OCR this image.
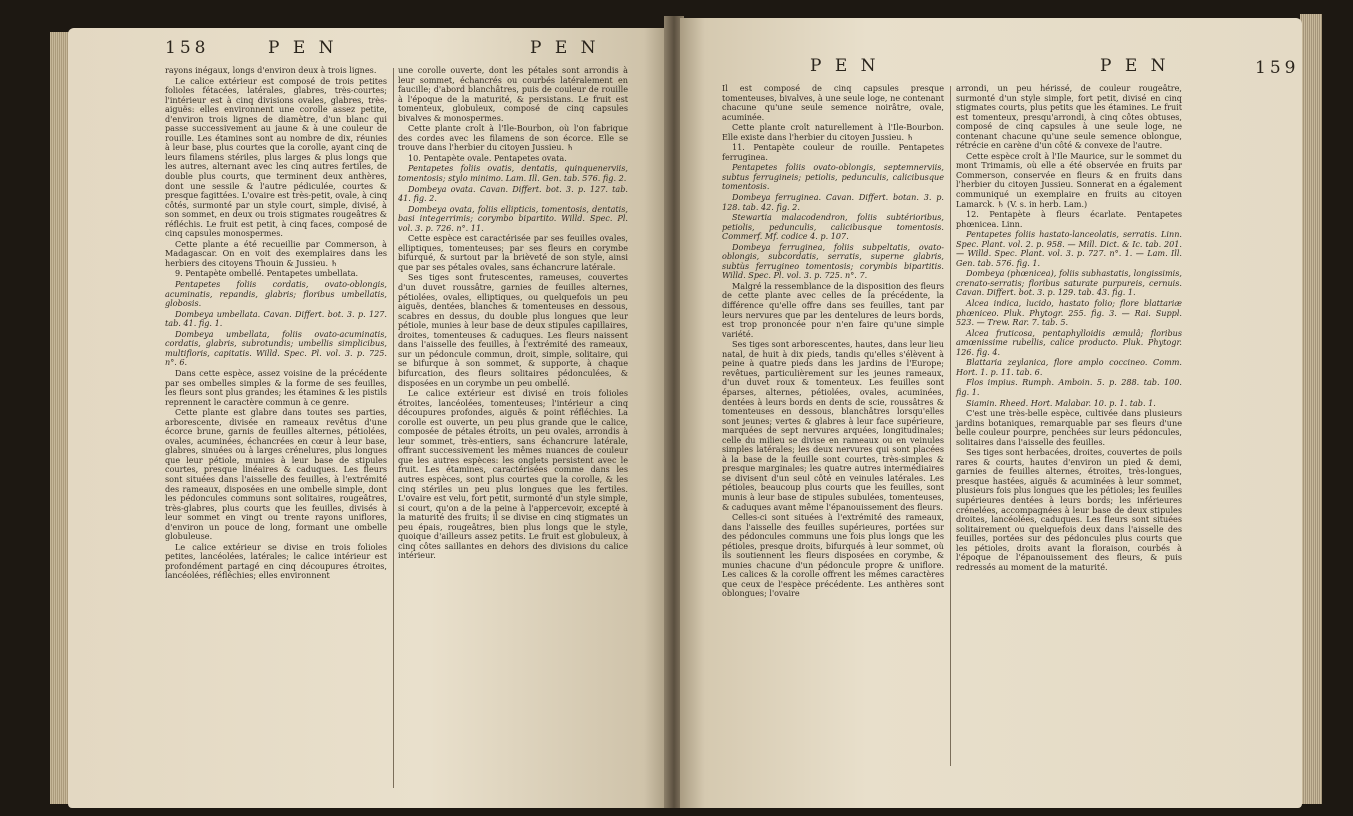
158	P E N	P E N

rayons inégaux, longs d'environ deux à trois lignes.

Le calice extérieur est composé de trois petites folioles fétacées, latérales, glabres, très-courtes; l'intérieur est à cinq divisions ovales, glabres, très-aiguës: elles environnent une corolle assez petite, d'environ trois lignes de diamètre, d'un blanc qui passe successivement au jaune & à une couleur de rouille. Les étamines sont au nombre de dix, réunies à leur base, plus courtes que la corolle, ayant cinq de leurs filamens stériles, plus larges & plus longs que les autres, alternant avec les cinq autres fertiles, de double plus courts, que terminent deux anthères, dont une sessile & l'autre pédiculée, courtes & presque fagittées. L'ovaire est très-petit, ovale, à cinq côtés, surmonté par un style court, simple, divisé, à son sommet, en deux ou trois stigmates rougeâtres & réfléchis. Le fruit est petit, à cinq faces, composé de cinq capsules monospermes.

Cette plante a été recueillie par Commerson, à Madagascar. On en voit des exemplaires dans les herbiers des citoyens Thouin & Jussieu. ♄

9. Pentapète ombellé. Pentapetes umbellata.

Pentapetes foliis cordatis, ovato-oblongis, acuminatis, repandis, glabris; floribus umbellatis, globosis.

Dombeya umbellata. Cavan. Differt. bot. 3. p. 127. tab. 41. fig. 1.

Dombeya umbellata, foliis ovato-acuminatis, cordatis, glabris, subrotundis; umbellis simplicibus, multifloris, capitatis. Willd. Spec. Pl. vol. 3. p. 725. n°. 6.

Dans cette espèce, assez voisine de la précédente par ses ombelles simples & la forme de ses feuilles, les fleurs sont plus grandes; les étamines & les pistils reprennent le caractère commun à ce genre.

Cette plante est glabre dans toutes ses parties, arborescente, divisée en rameaux revêtus d'une écorce brune, garnis de feuilles alternes, pétiolées, ovales, acuminées, échancrées en cœur à leur base, glabres, sinuées ou à larges crénelures, plus longues que leur pétiole, munies à leur base de stipules courtes, presque linéaires & caduques. Les fleurs sont situées dans l'aisselle des feuilles, à l'extrémité des rameaux, disposées en une ombelle simple, dont les pédoncules communs sont solitaires, rougeâtres, très-glabres, plus courts que les feuilles, divisés à leur sommet en vingt ou trente rayons uniflores, d'environ un pouce de long, formant une ombelle globuleuse.

Le calice extérieur se divise en trois folioles petites, lancéolées, latérales; le calice intérieur est profondément partagé en cinq découpures étroites, lancéolées, réfléchies; elles environnent

une corolle ouverte, dont les pétales sont arrondis à leur sommet, échancrés ou courbés latéralement en faucille; d'abord blanchâtres, puis de couleur de rouille à l'époque de la maturité, & persistans. Le fruit est tomenteux, globuleux, composé de cinq capsules bivalves & monospermes.

Cette plante croît à l'Ile-Bourbon, où l'on fabrique des cordes avec les filamens de son écorce. Elle se trouve dans l'herbier du citoyen Jussieu. ♄

10. Pentapète ovale. Pentapetes ovata.

Pentapetes foliis ovatis, dentatis, quinquenerviis, tomentosis; stylo minimo. Lam. Ill. Gen. tab. 576. fig. 2.

Dombeya ovata. Cavan. Differt. bot. 3. p. 127. tab. 41. fig. 2.

Dombeya ovata, foliis ellipticis, tomentosis, dentatis, basi integerrimis; corymbo bipartito. Willd. Spec. Pl. vol. 3. p. 726. n°. 11.

Cette espèce est caractérisée par ses feuilles ovales, elliptiques, tomenteuses; par ses fleurs en corymbe bifurqué, & surtout par la brièveté de son style, ainsi que par ses pétales ovales, sans échancrure latérale.

Ses tiges sont frutescentes, rameuses, couvertes d'un duvet roussâtre, garnies de feuilles alternes, pétiolées, ovales, elliptiques, ou quelquefois un peu aiguës, dentées, blanches & tomenteuses en dessous, scabres en dessus, du double plus longues que leur pétiole, munies à leur base de deux stipules capillaires, droites, tomenteuses & caduques. Les fleurs naissent dans l'aisselle des feuilles, à l'extrémité des rameaux, sur un pédoncule commun, droit, simple, solitaire, qui se bifurque à son sommet, & supporte, à chaque bifurcation, des fleurs solitaires pédonculées, & disposées en un corymbe un peu ombellé.

Le calice extérieur est divisé en trois folioles étroites, lancéolées, tomenteuses; l'intérieur a cinq découpures profondes, aiguës & point réfléchies. La corolle est ouverte, un peu plus grande que le calice, composée de pétales étroits, un peu ovales, arrondis à leur sommet, très-entiers, sans échancrure latérale, offrant successivement les mêmes nuances de couleur que les autres espèces: les onglets persistent avec le fruit. Les étamines, caractérisées comme dans les autres espèces, sont plus courtes que la corolle, & les cinq stériles un peu plus longues que les fertiles. L'ovaire est velu, fort petit, surmonté d'un style simple, si court, qu'on a de la peine à l'appercevoir, excepté à la maturité des fruits; il se divise en cinq stigmates un peu épais, rougeâtres, bien plus longs que le style, quoique d'ailleurs assez petits. Le fruit est globuleux, à cinq côtes saillantes en dehors des divisions du calice intérieur.

P E N	P E N	159

Il est composé de cinq capsules presque tomenteuses, bivalves, à une seule loge, ne contenant chacune qu'une seule semence noirâtre, ovale, acuminée.

Cette plante croît naturellement à l'Ile-Bourbon. Elle existe dans l'herbier du citoyen Jussieu. ♄

11. Pentapète couleur de rouille. Pentapetes ferruginea.

Pentapetes foliis ovato-oblongis, septemnerviis, subtus ferrugineis; petiolis, pedunculis, calicibusque tomentosis.

Dombeya ferruginea. Cavan. Differt. botan. 3. p. 128. tab. 42. fig. 2.

Stewartia malacodendron, foliis subtérioribus, petiolis, pedunculis, calicibusque tomentosis. Commerf. Mf. codice 4. p. 107.

Dombeya ferruginea, foliis subpeltatis, ovato-oblongis, subcordatis, serratis, superne glabris, subtùs ferrugineo tomentosis; corymbis bipartitis. Willd. Spec. Pl. vol. 3. p. 725. n°. 7.

Malgré la ressemblance de la disposition des fleurs de cette plante avec celles de la précédente, la différence qu'elle offre dans ses feuilles, tant par leurs nervures que par les dentelures de leurs bords, est trop prononcée pour n'en faire qu'une simple variété.

Ses tiges sont arborescentes, hautes, dans leur lieu natal, de huit à dix pieds, tandis qu'elles s'élèvent à peine à quatre pieds dans les jardins de l'Europe; revêtues, particulièrement sur les jeunes rameaux, d'un duvet roux & tomenteux. Les feuilles sont éparses, alternes, pétiolées, ovales, acuminées, dentées à leurs bords en dents de scie, roussâtres & tomenteuses en dessous, blanchâtres lorsqu'elles sont jeunes; vertes & glabres à leur face supérieure, marquées de sept nervures arquées, longitudinales; celle du milieu se divise en rameaux ou en veinules simples latérales; les deux nervures qui sont placées à la base de la feuille sont courtes, très-simples & presque marginales; les quatre autres intermédiaires se divisent d'un seul côté en veinules latérales. Les pétioles, beaucoup plus courts que les feuilles, sont munis à leur base de stipules subulées, tomenteuses, & caduques avant même l'épanouissement des fleurs.

Celles-ci sont situées à l'extrémité des rameaux, dans l'aisselle des feuilles supérieures, portées sur des pédoncules communs une fois plus longs que les pétioles, presque droits, bifurqués à leur sommet, où ils soutiennent les fleurs disposées en corymbe, & munies chacune d'un pédoncule propre & uniflore. Les calices & la corolle offrent les mêmes caractères que ceux de l'espèce précédente. Les anthères sont oblongues; l'ovaire

arrondi, un peu hérissé, de couleur rougeâtre, surmonté d'un style simple, fort petit, divisé en cinq stigmates courts, plus petits que les étamines. Le fruit est tomenteux, presqu'arrondi, à cinq côtes obtuses, composé de cinq capsules à une seule loge, ne contenant chacune qu'une seule semence oblongue, rétrécie en carène d'un côté & convexe de l'autre.

Cette espèce croît à l'Ile Maurice, sur le sommet du mont Trimamis, où elle a été observée en fruits par Commerson, conservée en fleurs & en fruits dans l'herbier du citoyen Jussieu. Sonnerat en a également communiqué un exemplaire en fruits au citoyen Lamarck. ♄ (V. s. in herb. Lam.)

12. Pentapète à fleurs écarlate. Pentapetes phœnicea. Linn.

Pentapetes foliis hastato-lanceolatis, serratis. Linn. Spec. Plant. vol. 2. p. 958. — Mill. Dict. & Ic. tab. 201. — Willd. Spec. Plant. vol. 3. p. 727. n°. 1. — Lam. Ill. Gen. tab. 576. fig. 1.

Dombeya (phœnicea), foliis subhastatis, longissimis, crenato-serratis; floribus saturate purpureis, cernuis. Cavan. Differt. bot. 3. p. 129. tab. 43. fig. 1.

Alcea indica, lucido, hastato folio; flore blattariæ phœniceo. Pluk. Phytogr. 255. fig. 3. — Rai. Suppl. 523. — Trew. Rar. 7. tab. 5.

Alcea fruticosa, pentaphylloidis æmulâ; floribus amœnissime rubellis, calice producto. Pluk. Phytogr. 126. fig. 4.

Blattaria zeylanica, flore amplo coccineo. Comm. Hort. 1. p. 11. tab. 6.

Flos impius. Rumph. Amboin. 5. p. 288. tab. 100. fig. 1.

Siamin. Rheed. Hort. Malabar. 10. p. 1. tab. 1.

C'est une très-belle espèce, cultivée dans plusieurs jardins botaniques, remarquable par ses fleurs d'une belle couleur pourpre, penchées sur leurs pédoncules, solitaires dans l'aisselle des feuilles.

Ses tiges sont herbacées, droites, couvertes de poils rares & courts, hautes d'environ un pied & demi, garnies de feuilles alternes, étroites, très-longues, presque hastées, aiguës & acuminées à leur sommet, plusieurs fois plus longues que les pétioles; les feuilles supérieures dentées à leurs bords; les inférieures crénelées, accompagnées à leur base de deux stipules droites, lancéolées, caduques. Les fleurs sont situées solitairement ou quelquefois deux dans l'aisselle des feuilles, portées sur des pédoncules plus courts que les pétioles, droits avant la floraison, courbés à l'époque de l'épanouissement des fleurs, & puis redressés au moment de la maturité.
